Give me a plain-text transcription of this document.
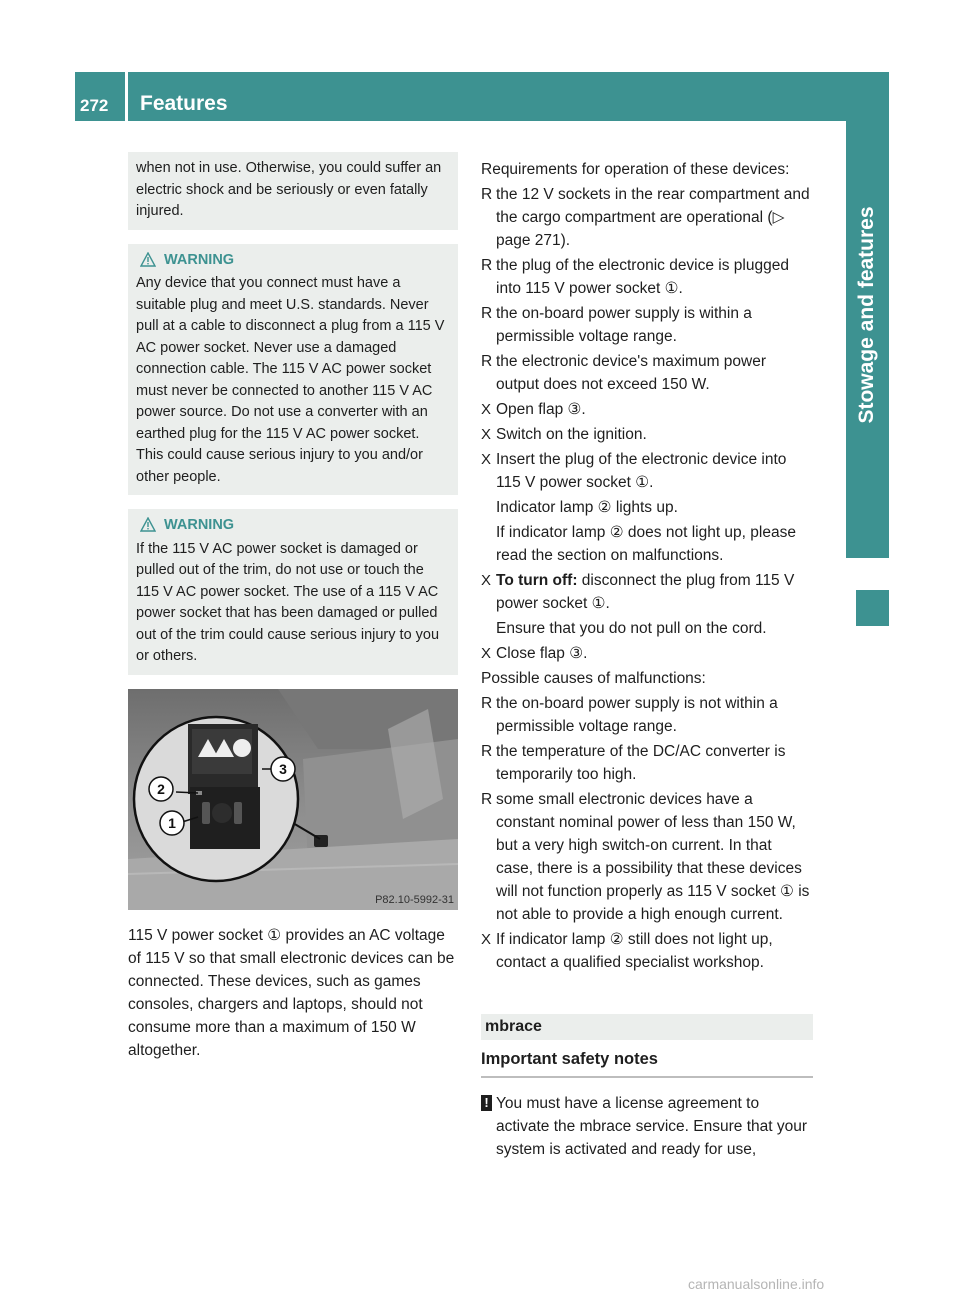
272 Features
Stowage and features

when not in use. Otherwise, you could suffer an electric shock and be seriously or even fatally injured.

WARNING

Any device that you connect must have a suitable plug and meet U.S. standards. Never pull at a cable to disconnect a plug from a 115 V AC power socket. Never use a damaged connection cable. The 115 V AC power socket must never be connected to another 115 V AC power source. Do not use a converter with an earthed plug for the 115 V AC power socket. This could cause serious injury to you and/or other people.

WARNING

If the 115 V AC power socket is damaged or pulled out of the trim, do not use or touch the 115 V AC power socket. The use of a 115 V AC power socket that has been damaged or pulled out of the trim could cause serious injury to you or others.

2
1
3
P82.10-5992-31

115 V power socket ① provides an AC voltage of 115 V so that small electronic devices can be connected. These devices, such as games consoles, chargers and laptops, should not consume more than a maximum of 150 W altogether.

Requirements for operation of these devices:

R the 12 V sockets in the rear compartment and the cargo compartment are operational (▷ page 271).
R the plug of the electronic device is plugged into 115 V power socket ①.
R the on-board power supply is within a permissible voltage range.
R the electronic device's maximum power output does not exceed 150 W.
X Open flap ③.
X Switch on the ignition.
X Insert the plug of the electronic device into 115 V power socket ①.

Indicator lamp ② lights up.

If indicator lamp ② does not light up, please read the section on malfunctions.

X To turn off: disconnect the plug from 115 V power socket ①.

Ensure that you do not pull on the cord.

X Close flap ③.

Possible causes of malfunctions:

R the on-board power supply is not within a permissible voltage range.
R the temperature of the DC/AC converter is temporarily too high.
R some small electronic devices have a constant nominal power of less than 150 W, but a very high switch-on current. In that case, there is a possibility that these devices will not function properly as 115 V socket ① is not able to provide a high enough current.
X If indicator lamp ② still does not light up, contact a qualified specialist workshop.
mbrace
Important safety notes
! You must have a license agreement to activate the mbrace service. Ensure that your system is activated and ready for use,
carmanualsonline.info
